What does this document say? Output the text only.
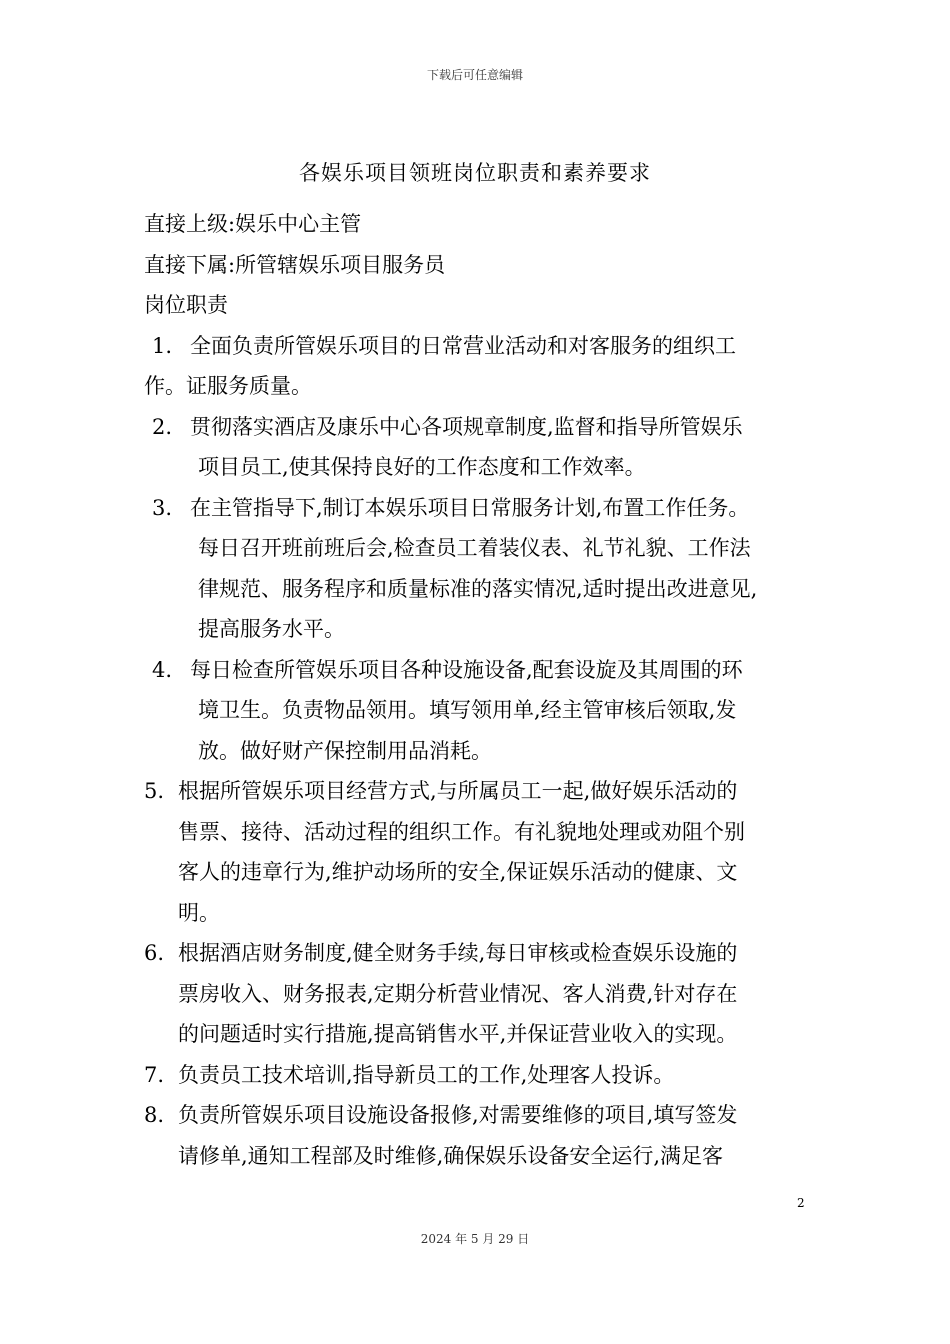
下载后可任意编辑
各娱乐项目领班岗位职责和素养要求
直接上级:娱乐中心主管
直接下属:所管辖娱乐项目服务员
岗位职责
1. 全面负责所管娱乐项目的日常营业活动和对客服务的组织工
作。证服务质量。
2. 贯彻落实酒店及康乐中心各项规章制度,监督和指导所管娱乐
项目员工,使其保持良好的工作态度和工作效率。
3. 在主管指导下,制订本娱乐项目日常服务计划,布置工作任务。
每日召开班前班后会,检查员工着装仪表、礼节礼貌、工作法
律规范、服务程序和质量标准的落实情况,适时提出改进意见,
提高服务水平。
4. 每日检查所管娱乐项目各种设施设备,配套设旋及其周围的环
境卫生。负责物品领用。填写领用单,经主管审核后领取,发
放。做好财产保控制用品消耗。
5. 根据所管娱乐项目经营方式,与所属员工一起,做好娱乐活动的
售票、接待、活动过程的组织工作。有礼貌地处理或劝阻个别
客人的违章行为,维护动场所的安全,保证娱乐活动的健康、文
明。
6. 根据酒店财务制度,健全财务手续,每日审核或检查娱乐设施的
票房收入、财务报表,定期分析营业情况、客人消费,针对存在
的问题适时实行措施,提高销售水平,并保证营业收入的实现。
7. 负责员工技术培训,指导新员工的工作,处理客人投诉。
8. 负责所管娱乐项目设施设备报修,对需要维修的项目,填写签发
请修单,通知工程部及时维修,确保娱乐设备安全运行,满足客
2
2024 年 5 月 29 日
